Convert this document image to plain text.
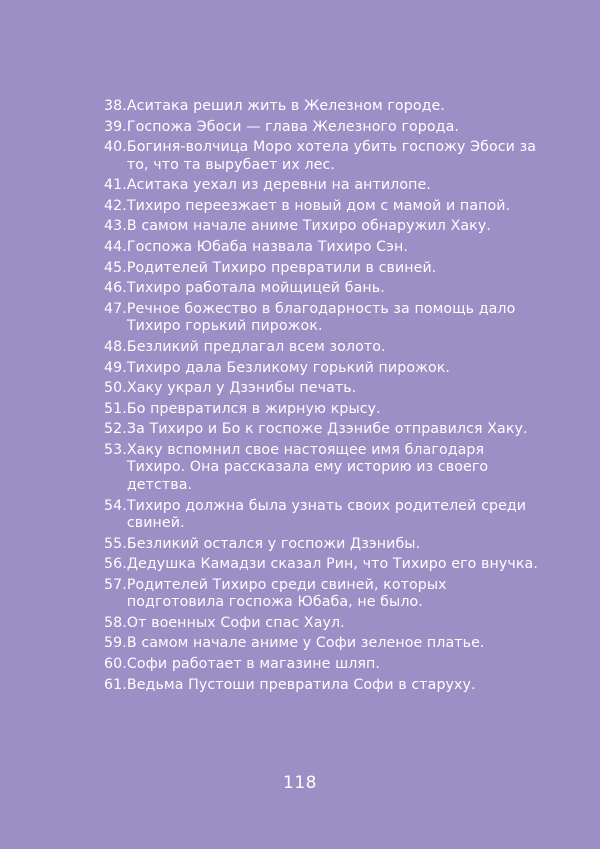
38. Аситака решил жить в Железном городе.
39. Госпожа Эбоси — глава Железного города.
40. Богиня-волчица Моро хотела убить госпожу Эбоси за то, что та вырубает их лес.
41. Аситака уехал из деревни на антилопе.
42. Тихиро переезжает в новый дом с мамой и папой.
43. В самом начале аниме Тихиро обнаружил Хаку.
44. Госпожа Юбаба назвала Тихиро Сэн.
45. Родителей Тихиро превратили в свиней.
46. Тихиро работала мойщицей бань.
47. Речное божество в благодарность за помощь дало Тихиро горький пирожок.
48. Безликий предлагал всем золото.
49. Тихиро дала Безликому горький пирожок.
50. Хаку украл у Дзэнибы печать.
51. Бо превратился в жирную крысу.
52. За Тихиро и Бо к госпоже Дзэнибе отправился Хаку.
53. Хаку вспомнил свое настоящее имя благодаря Тихиро. Она рассказала ему историю из своего детства.
54. Тихиро должна была узнать своих родителей среди свиней.
55. Безликий остался у госпожи Дзэнибы.
56. Дедушка Камадзи сказал Рин, что Тихиро его внучка.
57. Родителей Тихиро среди свиней, которых подготовила госпожа Юбаба, не было.
58. От военных Софи спас Хаул.
59. В самом начале аниме у Софи зеленое платье.
60. Софи работает в магазине шляп.
61. Ведьма Пустоши превратила Софи в старуху.
118
